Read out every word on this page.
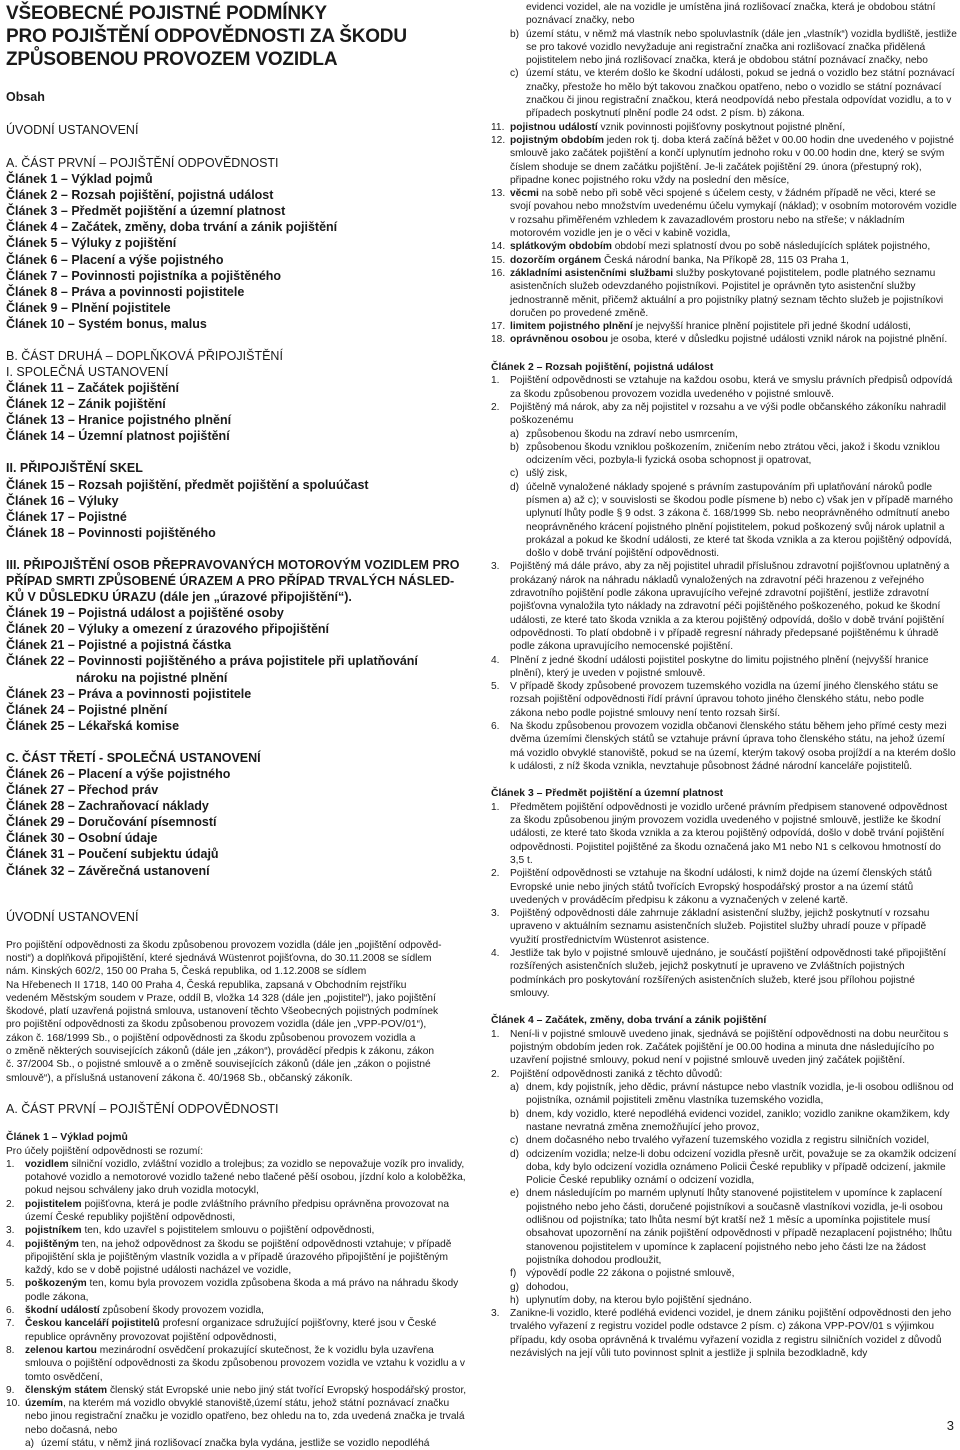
VŠEOBECNÉ POJISTNÉ PODMÍNKY
PRO POJIŠTĚNÍ ODPOVĚDNOSTI ZA ŠKODU
ZPŮSOBENOU PROVOZEM VOZIDLA
Obsah
ÚVODNÍ USTANOVENÍ
A. ČÁST PRVNÍ – POJIŠTĚNÍ ODPOVĚDNOSTI
Článek 1 – Výklad pojmů
Článek 2 – Rozsah pojištění, pojistná událost
Článek 3 – Předmět pojištění a územní platnost
Článek 4 – Začátek, změny, doba trvání a zánik pojištění
Článek 5 – Výluky z pojištění
Článek 6 – Placení a výše pojistného
Článek 7 – Povinnosti pojistníka a pojištěného
Článek 8 – Práva a povinnosti pojistitele
Článek 9 – Plnění pojistitele
Článek 10 – Systém bonus, malus
B. ČÁST DRUHÁ – DOPLŇKOVÁ PŘIPOJIŠTĚNÍ
I. SPOLEČNÁ USTANOVENÍ
Článek 11 – Začátek pojištění
Článek 12 – Zánik pojištění
Článek 13 – Hranice pojistného plnění
Článek 14 – Územní platnost pojištění
II. PŘIPOJIŠTĚNÍ SKEL
Článek 15 – Rozsah pojištění, předmět pojištění a spoluúčast
Článek 16 – Výluky
Článek 17 – Pojistné
Článek 18 – Povinnosti pojištěného
III. PŘIPOJIŠTĚNÍ OSOB PŘEPRAVOVANÝCH MOTOROVÝM VOZIDLEM PRO
PŘÍPAD SMRTI ZPŮSOBENÉ ÚRAZEM A PRO PŘÍPAD TRVALÝCH NÁSLED-
KŮ V DŮSLEDKU ÚRAZU (dále jen „úrazové připojištění“).
Článek 19 – Pojistná událost a pojištěné osoby
Článek 20 – Výluky a omezení z úrazového připojištění
Článek 21 – Pojistné a pojistná částka
Článek 22 – Povinnosti pojištěného a práva pojistitele při uplatňování
nároku na pojistné plnění
Článek 23 – Práva a povinnosti pojistitele
Článek 24 – Pojistné plnění
Článek 25 – Lékařská komise
C. ČÁST TŘETÍ - SPOLEČNÁ USTANOVENÍ
Článek 26 – Placení a výše pojistného
Článek 27 – Přechod práv
Článek 28 – Zachraňovací náklady
Článek 29 – Doručování písemností
Článek 30 – Osobní údaje
Článek 31 – Poučení subjektu údajů
Článek 32 – Závěrečná ustanovení
ÚVODNÍ USTANOVENÍ
Pro pojištění odpovědnosti za škodu způsobenou provozem vozidla (dále jen „pojištění odpověd-
nosti“) a doplňková připojištění, které sjednává Wüstenrot pojišťovna, do 30.11.2008 se sídlem
nám. Kinských 602/2, 150 00 Praha 5, Česká republika, od 1.12.2008 se sídlem
Na Hřebenech II 1718, 140 00 Praha 4, Česká republika, zapsaná v Obchodním rejstříku
vedeném Městským soudem v Praze, oddíl B, vložka 14 328 (dále jen „pojistitel“), jako pojištění
škodové, platí uzavřená pojistná smlouva, ustanovení těchto Všeobecných pojistných podmínek
pro pojištění odpovědnosti za škodu způsobenou provozem vozidla (dále jen „VPP-POV/01“),
zákon č. 168/1999 Sb., o pojištění odpovědnosti za škodu způsobenou provozem vozidla a
o změně některých souvisejících zákonů (dále jen „zákon“), prováděcí předpis k zákonu, zákon
č. 37/2004 Sb., o pojistné smlouvě a o změně souvisejících zákonů (dále jen „zákon o pojistné
smlouvě“), a příslušná ustanovení zákona č. 40/1968 Sb., občanský zákoník.
A. ČÁST PRVNÍ – POJIŠTĚNÍ ODPOVĚDNOSTI
Článek 1 – Výklad pojmů
Pro účely pojištění odpovědnosti se rozumí:
1.	vozidlem silniční vozidlo, zvláštní vozidlo a trolejbus; za vozidlo se nepovažuje vozík pro invalidy, potahové vozidlo a nemotorové vozidlo tažené nebo tlačené pěší osobou, jízdní kolo a koloběžka, pokud nejsou schváleny jako druh vozidla motocykl,
2.	pojistitelem pojišťovna, která je podle zvláštního právního předpisu oprávněna provozovat na území České republiky pojištění odpovědnosti,
3.	pojistníkem ten, kdo uzavřel s pojistitelem smlouvu o pojištění odpovědnosti,
4.	pojištěným ten, na jehož odpovědnost za škodu se pojištění odpovědnosti vztahuje; v případě připojištění skla je pojištěným vlastník vozidla a v případě úrazového připojištění je pojištěným každý, kdo se v době pojistné události nacházel ve vozidle,
5.	poškozeným ten, komu byla provozem vozidla způsobena škoda a má právo na náhradu škody podle zákona,
6.	škodní událostí způsobení škody provozem vozidla,
7.	Českou kanceláří pojistitelů profesní organizace sdružující pojišťovny, které jsou v České republice oprávněny provozovat pojištění odpovědnosti,
8.	zelenou kartou mezinárodní osvědčení prokazující skutečnost, že k vozidlu byla uzavřena smlouva o pojištění odpovědnosti za škodu způsobenou provozem vozidla ve vztahu k vozidlu a v tomto osvědčení,
9.	členským státem členský stát Evropské unie nebo jiný stát tvořící Evropský hospodářský prostor,
10. územím, na kterém má vozidlo obvyklé stanoviště,území státu, jehož státní poznávací značku nebo jinou registrační značku je vozidlo opatřeno, bez ohledu na to, zda uvedená značka je trvalá nebo dočasná, nebo
a) území státu, v němž jiná rozlišovací značka byla vydána, jestliže se vozidlo nepodléhá
evidenci vozidel, ale na vozidle je umístěna jiná rozlišovací značka, která je obdobou státní poznávací značky, nebo
b) území státu, v němž má vlastník nebo spoluvlastník (dále jen „vlastník“) vozidla bydliště, jestliže se pro takové vozidlo nevyžaduje ani registrační značka ani rozlišovací značka přidělená pojistitelem nebo jiná rozlišovací značka, která je obdobou státní poznávací značky, nebo
c) území státu, ve kterém došlo ke škodní události, pokud se jedná o vozidlo bez státní poznávací značky, přestože ho mělo být takovou značkou opatřeno, nebo o vozidlo se státní poznávací značkou či jinou registrační značkou, která neodpovídá nebo přestala odpovídat vozidlu, a to v případech poskytnutí plnění podle 24 odst. 2 písm. b) zákona.
11. pojistnou událostí vznik povinnosti pojišťovny poskytnout pojistné plnění,
12. pojistným obdobím jeden rok tj. doba která začíná běžet v 00.00 hodin dne uvedeného v pojistné smlouvě jako začátek pojištění a končí uplynutím jednoho roku v 00.00 hodin dne, který se svým číslem shoduje se dnem začátku pojištění. Je-li začátek pojištění 29. února (přestupný rok), připadne konec pojistného roku vždy na poslední den měsíce,
13. věcmi na sobě nebo při sobě věci spojené s účelem cesty, v žádném případě ne věci, které se svojí povahou nebo množstvím uvedenému účelu vymykají (náklad); v osobním motorovém vozidle v rozsahu přiměřeném vzhledem k zavazadlovém prostoru nebo na střeše; v nákladním motorovém vozidle jen je o věci v kabině vozidla,
14. splátkovým obdobím období mezi splatností dvou po sobě následujících splátek pojistného,
15. dozorčím orgánem Česká národní banka, Na Příkopě 28, 115 03 Praha 1,
16. základními asistenčními službami služby poskytované pojistitelem, podle platného seznamu asistenčních služeb odevzdaného pojistníkovi. Pojistitel je oprávněn tyto asistenční služby jednostranně měnit, přičemž aktuální a pro pojistníky platný seznam těchto služeb je pojistníkovi doručen po provedené změně.
17. limitem pojistného plnění je nejvyšší hranice plnění pojistitele při jedné škodní události,
18. oprávněnou osobou je osoba, které v důsledku pojistné události vznikl nárok na pojistné plnění.
Článek 2 – Rozsah pojištění, pojistná událost
1.	Pojištění odpovědnosti se vztahuje na každou osobu, která ve smyslu právních předpisů odpovídá za škodu způsobenou provozem vozidla uvedeného v pojistné smlouvě.
2.	Pojištěný má nárok, aby za něj pojistitel v rozsahu a ve výši podle občanského zákoníku nahradil poškozenému
a) způsobenou škodu na zdraví nebo usmrcením,
b) způsobenou škodu vzniklou poškozením, zničením nebo ztrátou věci, jakož i škodu vzniklou odcizením věci, pozbyla-li fyzická osoba schopnost ji opatrovat,
c) ušlý zisk,
d) účelně vynaložené náklady spojené s právním zastupováním při uplatňování nároků podle písmen a) až c); v souvislosti se škodou podle písmene b) nebo c) však jen v případě marného uplynutí lhůty podle § 9 odst. 3 zákona č. 168/1999 Sb. nebo neoprávněného odmítnutí anebo neoprávněného krácení pojistného plnění pojistitelem, pokud poškozený svůj nárok uplatnil a prokázal a pokud ke škodní události, ze které tat škoda vznikla a za kterou pojištěný odpovídá, došlo v době trvání pojištění odpovědnosti.
3.	Pojištěný má dále právo, aby za něj pojistitel uhradil příslušnou zdravotní pojišťovnou uplatněný a prokázaný nárok na náhradu nákladů vynaložených na zdravotní péči hrazenou z veřejného zdravotního pojištění podle zákona upravujícího veřejné zdravotní pojištění, jestliže zdravotní pojišťovna vynaložila tyto náklady na zdravotní péči pojištěného poškozeného, pokud ke škodní události, ze které tato škoda vznikla a za kterou pojištěný odpovídá, došlo v době trvání pojištění odpovědnosti. To platí obdobně i v případě regresní náhrady předepsané pojištěnému k úhradě podle zákona upravujícího nemocenské pojištění.
4.	Plnění z jedné škodní události pojistitel poskytne do limitu pojistného plnění (nejvyšší hranice plnění), který je uveden v pojistné smlouvě.
5.	V případě škody způsobené provozem tuzemského vozidla na území jiného členského státu se rozsah pojištění odpovědnosti řídí právní úpravou tohoto jiného členského státu, nebo podle zákona nebo podle pojistné smlouvy není tento rozsah širší.
6.	Na škodu způsobenou provozem vozidla občanovi členského státu během jeho přímé cesty mezi dvěma územími členských států se vztahuje právní úprava toho členského státu, na jehož území má vozidlo obvyklé stanoviště, pokud se na území, kterým takový osoba projíždí a na kterém došlo k události, z níž škoda vznikla, nevztahuje působnost žádné národní kanceláře pojistitelů.
Článek 3 – Předmět pojištění a územní platnost
1.	Předmětem pojištění odpovědnosti je vozidlo určené právním předpisem stanovené odpovědnost za škodu způsobenou jiným provozem vozidla uvedeného v pojistné smlouvě, jestliže ke škodní události, ze které tato škoda vznikla a za kterou pojištěný odpovídá, došlo v době trvání pojištění odpovědnosti. Pojistitel pojištěné za škodu označená jako M1 nebo N1 s celkovou hmotností do 3,5 t.
2.	Pojištění odpovědnosti se vztahuje na škodní události, k nimž dojde na území členských států Evropské unie nebo jiných států tvořících Evropský hospodářský prostor a na území států uvedených v prováděcím předpisu k zákonu a vyznačených v zelené kartě.
3.	Pojištěný odpovědnosti dále zahrnuje základní asistenční služby, jejichž poskytnutí v rozsahu upraveno v aktuálním seznamu asistenčních služeb. Pojistitel služby uhradí pouze v případě využití prostřednictvím Wüstenrot asistence.
4.	Jestliže tak bylo v pojistné smlouvě ujednáno, je součástí pojištění odpovědnosti také připojištění rozšířených asistenčních služeb, jejichž poskytnutí je upraveno ve Zvláštních pojistných podmínkách pro poskytování rozšířených asistenčních služeb, které jsou přílohou pojistné smlouvy.
Článek 4 – Začátek, změny, doba trvání a zánik pojištění
1.	Není-li v pojistné smlouvě uvedeno jinak, sjednává se pojištění odpovědnosti na dobu neurčitou s pojistným obdobím jeden rok. Začátek pojištění je 00.00 hodina a minuta dne následujícího po uzavření pojistné smlouvy, pokud není v pojistné smlouvě uveden jiný začátek pojištění.
2.	Pojištění odpovědnosti zaniká z těchto důvodů:
a) dnem, kdy pojistník, jeho dědic, právní nástupce nebo vlastník vozidla, je-li osobou odlišnou od pojistníka, oznámil pojistiteli změnu vlastníka tuzemského vozidla,
b) dnem, kdy vozidlo, které nepodléhá evidenci vozidel, zaniklo; vozidlo zanikne okamžikem, kdy nastane nevratná změna znemožňující jeho provoz,
c) dnem dočasného nebo trvalého vyřazení tuzemského vozidla z registru silničních vozidel,
d) odcizením vozidla; nelze-li dobu odcizení vozidla přesně určit, považuje se za okamžik odcizení doba, kdy bylo odcizení vozidla oznámeno Policii České republiky v případě odcizení, jakmile Policie České republiky oznámí o odcizení vozidla,
e) dnem následujícím po marném uplynutí lhůty stanovené pojistitelem v upomínce k zaplacení pojistného nebo jeho části, doručené pojistníkovi a současně vlastníkovi vozidla, je-li osobou odlišnou od pojistníka; tato lhůta nesmí být kratší než 1 měsíc a upomínka pojistitele musí obsahovat upozornění na zánik pojištění odpovědnosti v případě nezaplacení pojistného; lhůtu stanovenou pojistitelem v upomínce k zaplacení pojistného nebo jeho části lze na žádost pojistníka dohodou prodloužit,
f) výpovědí podle 22 zákona o pojistné smlouvě,
g) dohodou,
h) uplynutím doby, na kterou bylo pojištění sjednáno.
3.	Zanikne-li vozidlo, které podléhá evidenci vozidel, je dnem zániku pojištění odpovědnosti den jeho trvalého vyřazení z registru vozidel podle odstavce 2 písm. c) zákona VPP-POV/01 s výjimkou případu, kdy osoba oprávněná k trvalému vyřazení vozidla z registru silničních vozidel z důvodů nezávislých na její vůli tuto povinnost splnit a jestliže ji splnila bezodkladně, kdy
3
